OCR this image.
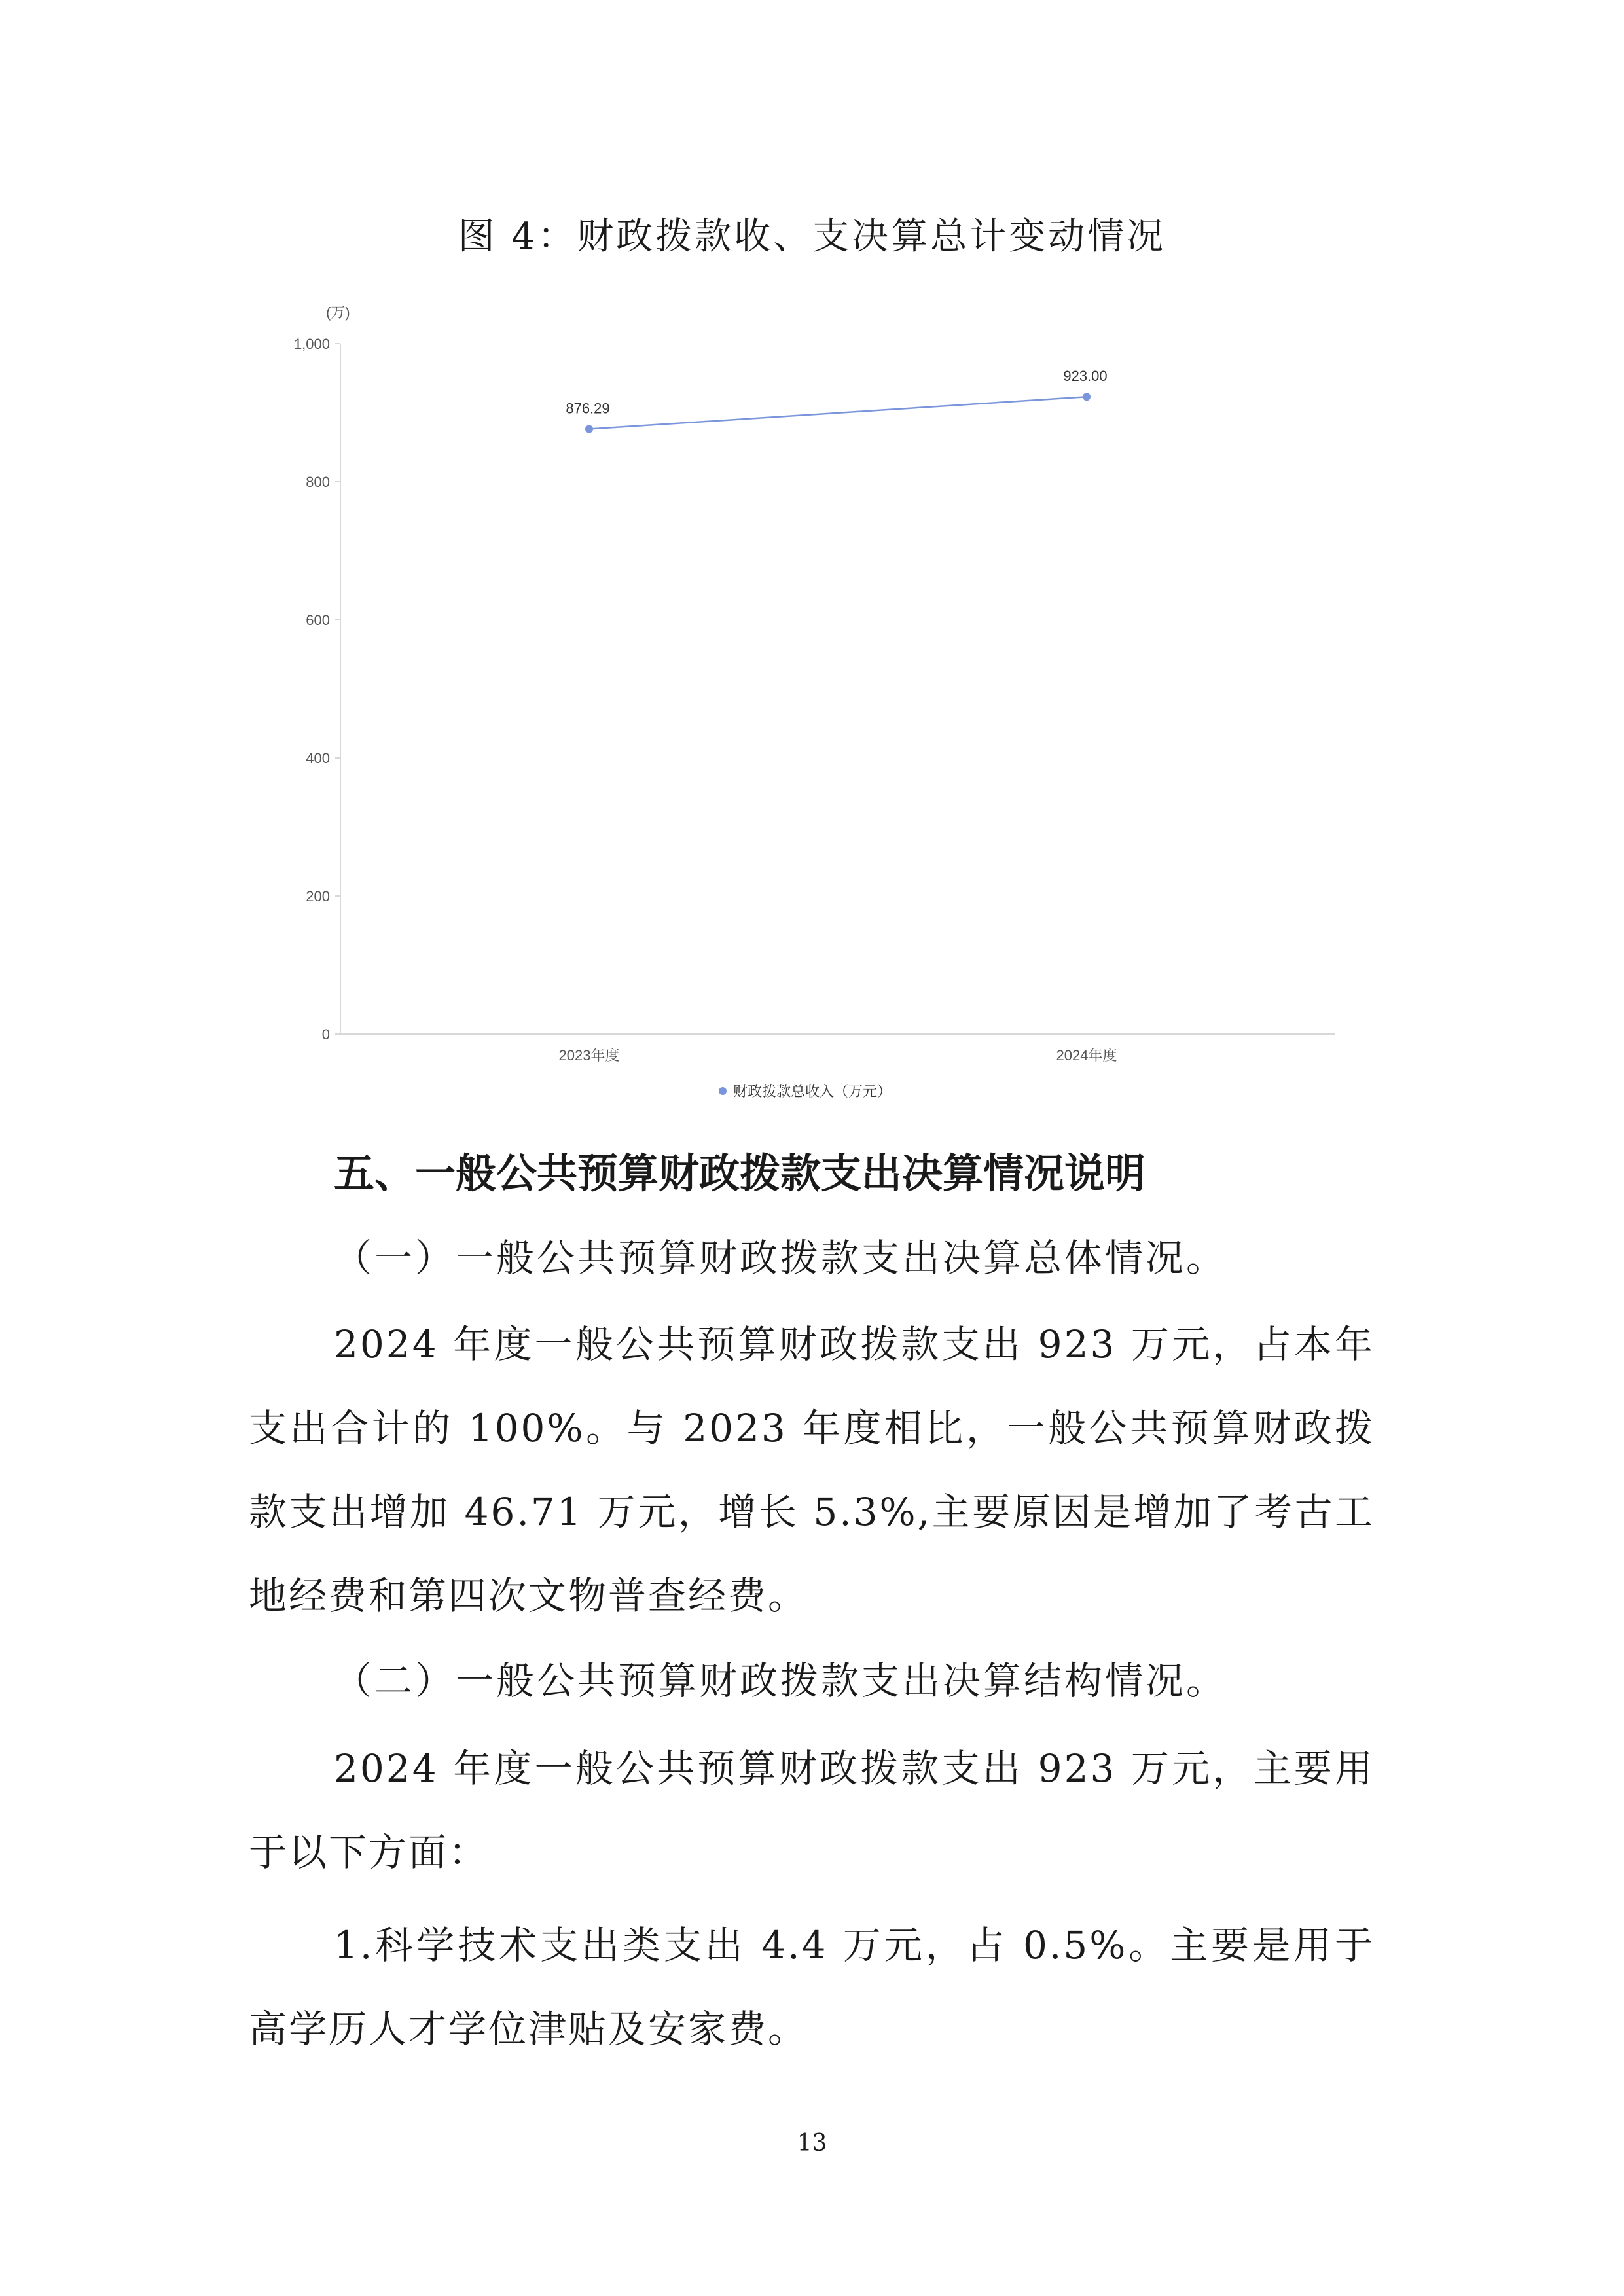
图 4：财政拨款收、支决算总计变动情况
(万)
0
200
400
600
800
1,000
2023年度	2024年度
876.29
923.00
财政拨款总收入（万元）
五、一般公共预算财政拨款支出决算情况说明
（一）一般公共预算财政拨款支出决算总体情况。
2024 年度一般公共预算财政拨款支出 923 万元，占本年支出合计的 100%。与 2023 年度相比，一般公共预算财政拨款支出增加 46.71 万元，增长 5.3%,主要原因是增加了考古工地经费和第四次文物普查经费。
（二）一般公共预算财政拨款支出决算结构情况。
2024 年度一般公共预算财政拨款支出 923 万元，主要用于以下方面：
1.科学技术支出类支出 4.4 万元，占 0.5%。主要是用于高学历人才学位津贴及安家费。
13
